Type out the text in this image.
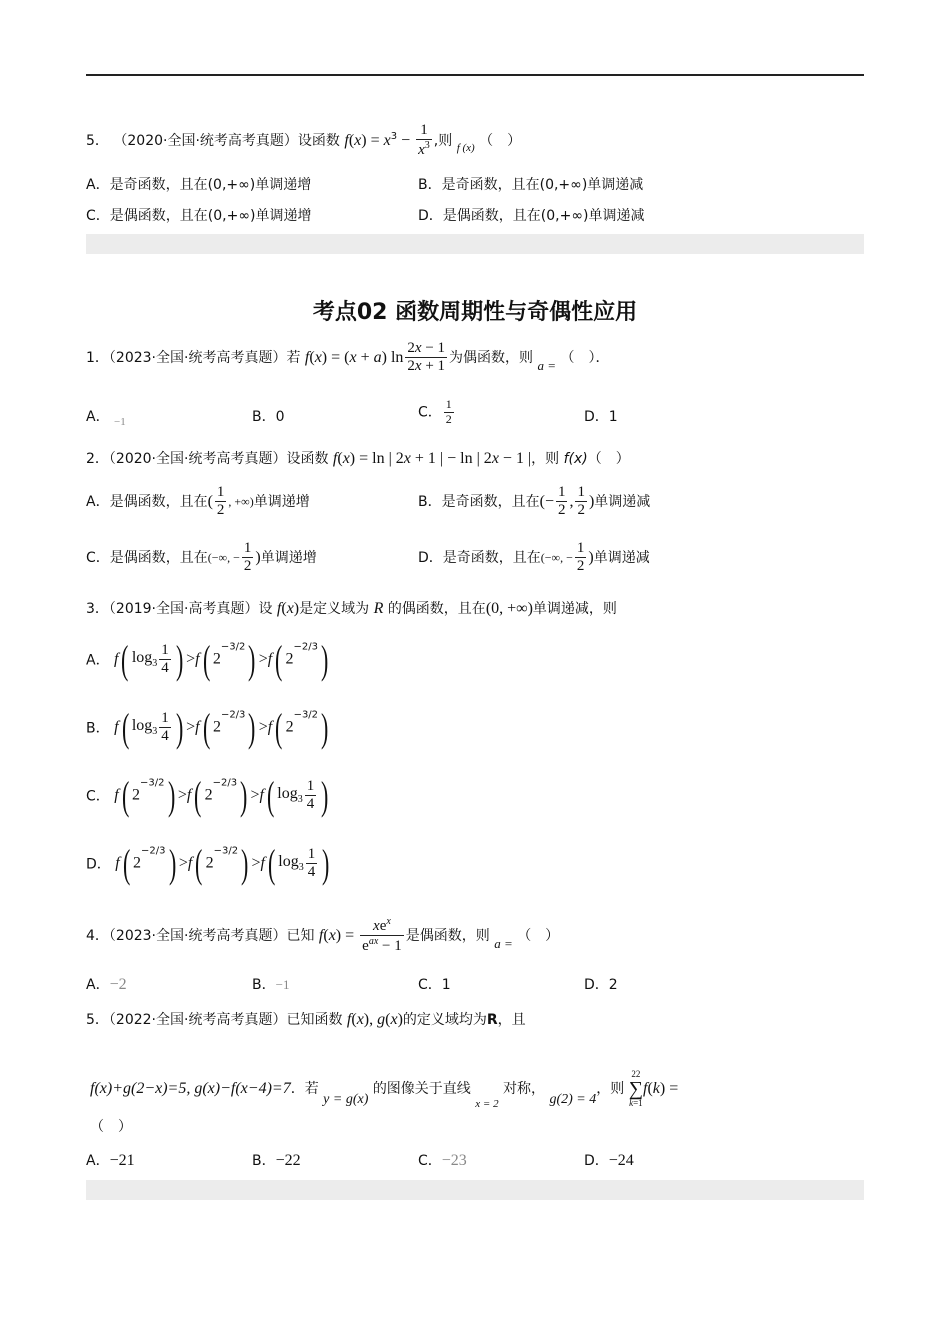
5． （2020·全国·统考高考真题）设函数 $f(x) = x^3 - \frac{1}{x^3}$ ,则 $_{f (x)}$ （　）
A．是奇函数，且在(0,+∞)单调递增	B．是奇函数，且在(0,+∞)单调递减
C．是偶函数，且在(0,+∞)单调递增	D．是偶函数，且在(0,+∞)单调递减
考点02 函数周期性与奇偶性应用
1．（2023·全国·统考高考真题）若 f(x) = (x + a) $\ln \frac{2x - 1}{2x + 1}$ 为偶函数，则 a = （　）．
A． $_{-1}$	B．0	C． $\frac{1}{2}$	D．1
2．（2020·全国·统考高考真题）设函数 f(x) = ln | 2x + 1 | − ln | 2x − 1 |，则 f(x)（　）
A．是偶函数，且在( $\frac{1}{2}$ , +∞)单调递增	B．是奇函数，且在(− $\frac{1}{2}$ , $\frac{1}{2}$ )单调递减
C．是偶函数，且在(−∞, − $\frac{1}{2}$ )单调递增	D．是奇函数，且在(−∞, − $\frac{1}{2}$ )单调递减
3．（2019·全国·高考真题）设 f(x)是定义域为 R 的偶函数，且在(0, +∞)单调递减，则
A． f( $\log_3 \frac{1}{4}$ ) >f( $2^{-3/2}) >f$( $2^{-2/3}$)
B． f( $\log_3 \frac{1}{4}$ ) >f( $2^{-2/3}) >f$( $2^{-3/2}$)
C． f( $2^{-3/2}) >f$( $2^{-2/3}) >f$( $\log_3 \frac{1}{4}$ )
D． f( $2^{-2/3}) >f$( $2^{-3/2}) >f$( $\log_3 \frac{1}{4}$ )
4．（2023·全国·统考高考真题）已知 $f(x) = \frac{xe^x}{e^{ax} - 1}$ 是偶函数，则 a = （　）
A．−2	B．−1	C．1	D．2
5．（2022·全国·统考高考真题）已知函数 f(x), g(x)的定义域均为R，且
f(x)+g(2−x)=5, g(x)−f(x−4)=7．若 y = g(x) 的图像关于直线 $_{x = 2}$ 对称， g(2) = 4，则 22
∑
k=1f(k) =
（　）
A．−21	B．−22	C．−23	D．−24
